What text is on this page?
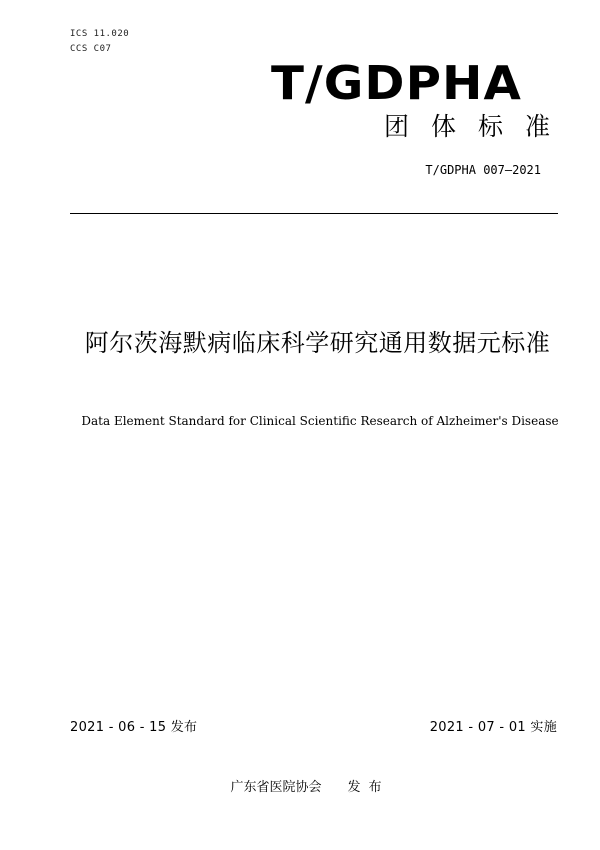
ICS 11.020
CCS C07
T/GDPHA
团 体 标 准
T/GDPHA 007—2021
阿尔茨海默病临床科学研究通用数据元标准
Data Element Standard for Clinical Scientific Research of Alzheimer's Disease
2021 - 06 - 15 发布	2021 - 07 - 01 实施
广东省医院协会 发布
